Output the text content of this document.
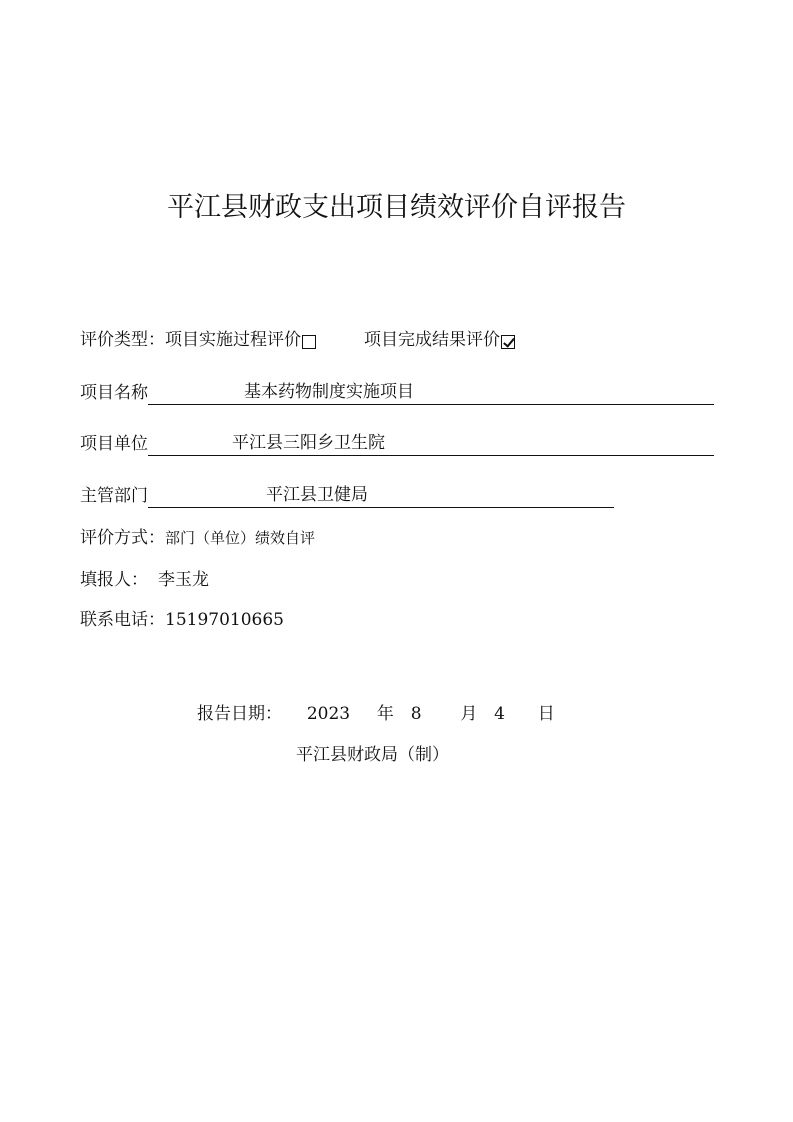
平江县财政支出项目绩效评价自评报告
评价类型： 项目实施过程评价	项目完成结果评价
项目名称	基本药物制度实施项目
项目单位	平江县三阳乡卫生院
主管部门	平江县卫健局
评价方式： 部门（单位）绩效自评
填报人： 李玉龙
联系电话： 15197010665
报告日期： 2023 年 8 月 4 日
平江县财政局（制）
